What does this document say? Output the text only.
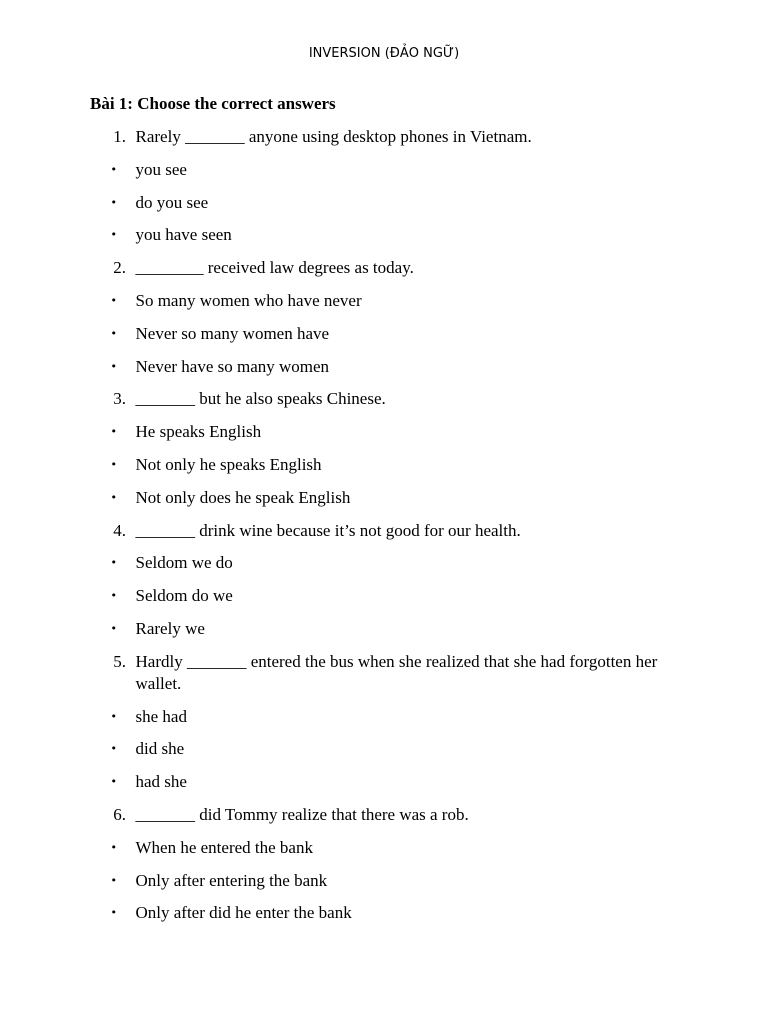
INVERSION (ĐẢO NGỮ)
Bài 1: Choose the correct answers
1. Rarely _______ anyone using desktop phones in Vietnam.
• you see
• do you see
• you have seen
2. ________ received law degrees as today.
• So many women who have never
• Never so many women have
• Never have so many women
3. _______ but he also speaks Chinese.
• He speaks English
• Not only he speaks English
• Not only does he speak English
4. _______ drink wine because it’s not good for our health.
• Seldom we do
• Seldom do we
• Rarely we
5. Hardly _______ entered the bus when she realized that she had forgotten her wallet.
• she had
• did she
• had she
6. _______ did Tommy realize that there was a rob.
• When he entered the bank
• Only after entering the bank
• Only after did he enter the bank
